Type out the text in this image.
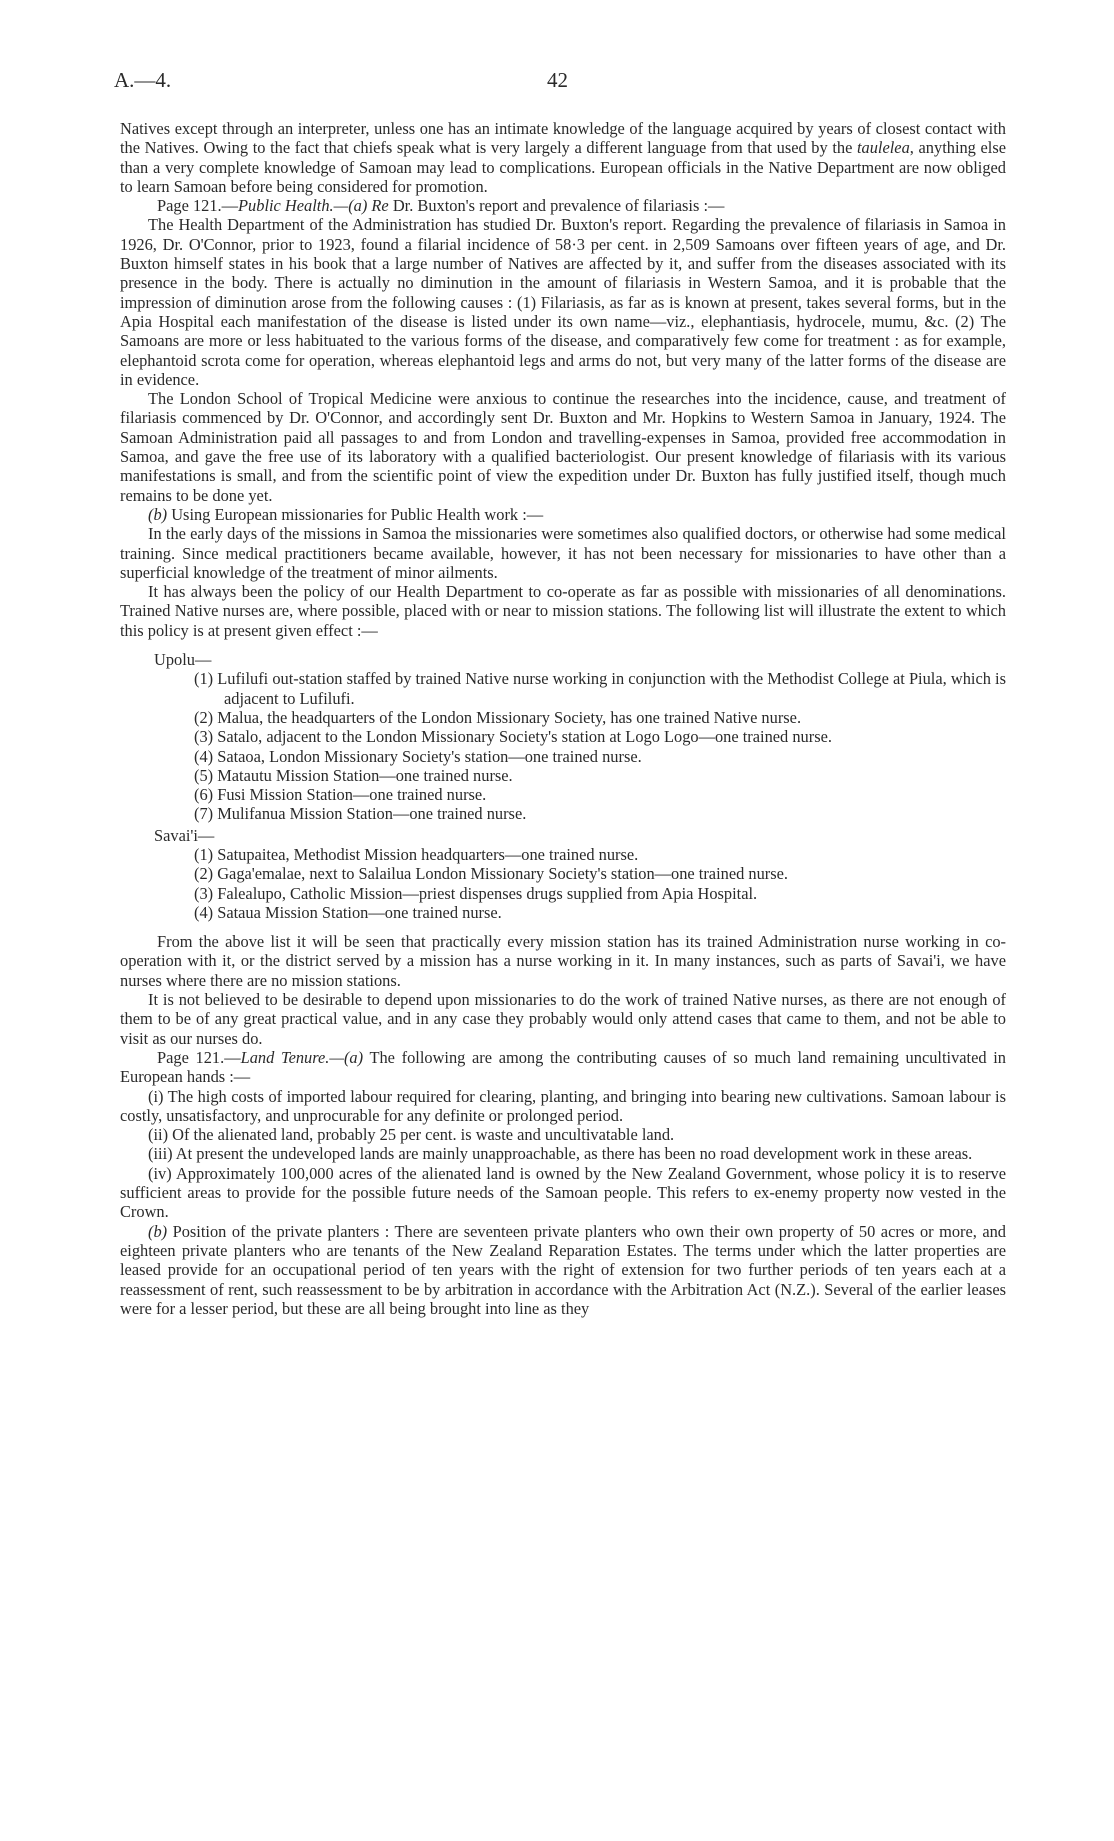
A.—4.	42

Natives except through an interpreter, unless one has an intimate knowledge of the language acquired by years of closest contact with the Natives. Owing to the fact that chiefs speak what is very largely a different language from that used by the taulelea, anything else than a very complete knowledge of Samoan may lead to complications. European officials in the Native Department are now obliged to learn Samoan before being considered for promotion.

Page 121.—Public Health.—(a) Re Dr. Buxton's report and prevalence of filariasis :—

The Health Department of the Administration has studied Dr. Buxton's report. Regarding the prevalence of filariasis in Samoa in 1926, Dr. O'Connor, prior to 1923, found a filarial incidence of 58·3 per cent. in 2,509 Samoans over fifteen years of age, and Dr. Buxton himself states in his book that a large number of Natives are affected by it, and suffer from the diseases associated with its presence in the body. There is actually no diminution in the amount of filariasis in Western Samoa, and it is probable that the impression of diminution arose from the following causes : (1) Filariasis, as far as is known at present, takes several forms, but in the Apia Hospital each manifestation of the disease is listed under its own name—viz., elephantiasis, hydrocele, mumu, &c. (2) The Samoans are more or less habituated to the various forms of the disease, and comparatively few come for treatment : as for example, elephantoid scrota come for operation, whereas elephantoid legs and arms do not, but very many of the latter forms of the disease are in evidence.

The London School of Tropical Medicine were anxious to continue the researches into the incidence, cause, and treatment of filariasis commenced by Dr. O'Connor, and accordingly sent Dr. Buxton and Mr. Hopkins to Western Samoa in January, 1924. The Samoan Administration paid all passages to and from London and travelling-expenses in Samoa, provided free accommodation in Samoa, and gave the free use of its laboratory with a qualified bacteriologist. Our present knowledge of filariasis with its various manifestations is small, and from the scientific point of view the expedition under Dr. Buxton has fully justified itself, though much remains to be done yet.

(b) Using European missionaries for Public Health work :—

In the early days of the missions in Samoa the missionaries were sometimes also qualified doctors, or otherwise had some medical training. Since medical practitioners became available, however, it has not been necessary for missionaries to have other than a superficial knowledge of the treatment of minor ailments.

It has always been the policy of our Health Department to co-operate as far as possible with missionaries of all denominations. Trained Native nurses are, where possible, placed with or near to mission stations. The following list will illustrate the extent to which this policy is at present given effect :—

Upolu—

(1) Lufilufi out-station staffed by trained Native nurse working in conjunction with the Methodist College at Piula, which is adjacent to Lufilufi.

(2) Malua, the headquarters of the London Missionary Society, has one trained Native nurse.

(3) Satalo, adjacent to the London Missionary Society's station at Logo Logo—one trained nurse.

(4) Sataoa, London Missionary Society's station—one trained nurse.

(5) Matautu Mission Station—one trained nurse.

(6) Fusi Mission Station—one trained nurse.

(7) Mulifanua Mission Station—one trained nurse.

Savai'i—

(1) Satupaitea, Methodist Mission headquarters—one trained nurse.

(2) Gaga'emalae, next to Salailua London Missionary Society's station—one trained nurse.

(3) Falealupo, Catholic Mission—priest dispenses drugs supplied from Apia Hospital.

(4) Sataua Mission Station—one trained nurse.

From the above list it will be seen that practically every mission station has its trained Administration nurse working in co-operation with it, or the district served by a mission has a nurse working in it. In many instances, such as parts of Savai'i, we have nurses where there are no mission stations.

It is not believed to be desirable to depend upon missionaries to do the work of trained Native nurses, as there are not enough of them to be of any great practical value, and in any case they probably would only attend cases that came to them, and not be able to visit as our nurses do.

Page 121.—Land Tenure.—(a) The following are among the contributing causes of so much land remaining uncultivated in European hands :—

(i) The high costs of imported labour required for clearing, planting, and bringing into bearing new cultivations. Samoan labour is costly, unsatisfactory, and unprocurable for any definite or prolonged period.

(ii) Of the alienated land, probably 25 per cent. is waste and uncultivatable land.

(iii) At present the undeveloped lands are mainly unapproachable, as there has been no road development work in these areas.

(iv) Approximately 100,000 acres of the alienated land is owned by the New Zealand Government, whose policy it is to reserve sufficient areas to provide for the possible future needs of the Samoan people. This refers to ex-enemy property now vested in the Crown.

(b) Position of the private planters : There are seventeen private planters who own their own property of 50 acres or more, and eighteen private planters who are tenants of the New Zealand Reparation Estates. The terms under which the latter properties are leased provide for an occupational period of ten years with the right of extension for two further periods of ten years each at a reassessment of rent, such reassessment to be by arbitration in accordance with the Arbitration Act (N.Z.). Several of the earlier leases were for a lesser period, but these are all being brought into line as they
